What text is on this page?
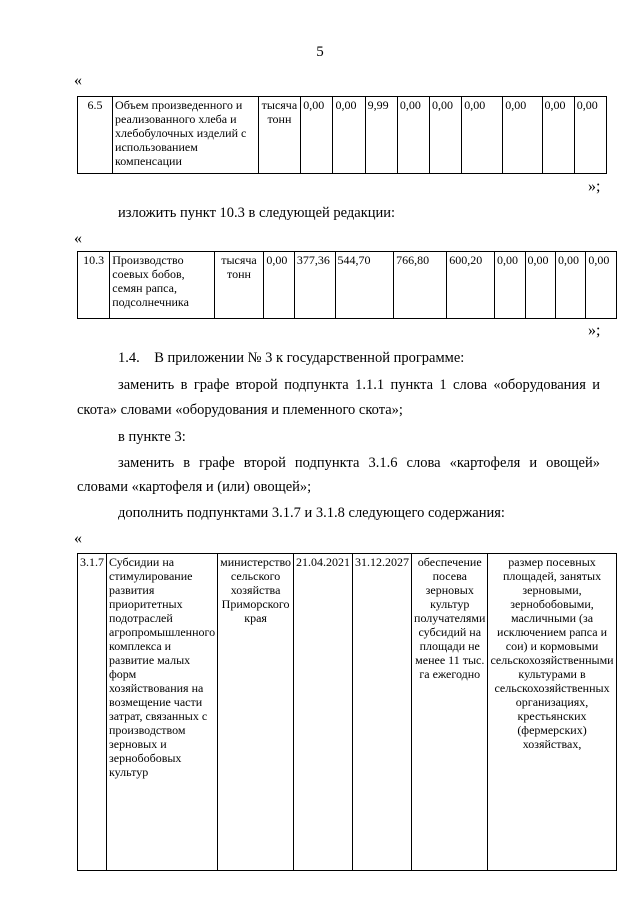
5
«
6.5	Объем произведенного и реализованного хлеба и хлебобулочных изделий с использованием компенсации	тысяча тонн	0,00	0,00	9,99	0,00	0,00	0,00	0,00	0,00	0,00
»;
изложить пункт 10.3 в следующей редакции:
«
10.3	Производство соевых бобов, семян рапса, подсолнечника	тысяча тонн	0,00	377,36	544,70	766,80	600,20	0,00	0,00	0,00	0,00
»;
1.4. В приложении № 3 к государственной программе:
заменить в графе второй подпункта 1.1.1 пункта 1 слова «оборудования и
скота» словами «оборудования и племенного скота»;
в пункте 3:
заменить в графе второй подпункта 3.1.6 слова «картофеля и овощей»
словами «картофеля и (или) овощей»;
дополнить подпунктами 3.1.7 и 3.1.8 следующего содержания:
«
3.1.7	Субсидии на стимулирование развития приоритетных подотраслей агропромышленного комплекса и развитие малых форм хозяйствования на возмещение части затрат, связанных с производством зерновых и зернобобовых культур	министерство сельского хозяйства Приморского края	21.04.2021	31.12.2027	обеспечение посева зерновых культур получателями субсидий на площади не менее 11 тыс. га ежегодно	размер посевных площадей, занятых зерновыми, зернобобовыми, масличными (за исключением рапса и сои) и кормовыми сельскохозяйственными культурами в сельскохозяйственных организациях, крестьянских (фермерских) хозяйствах,
